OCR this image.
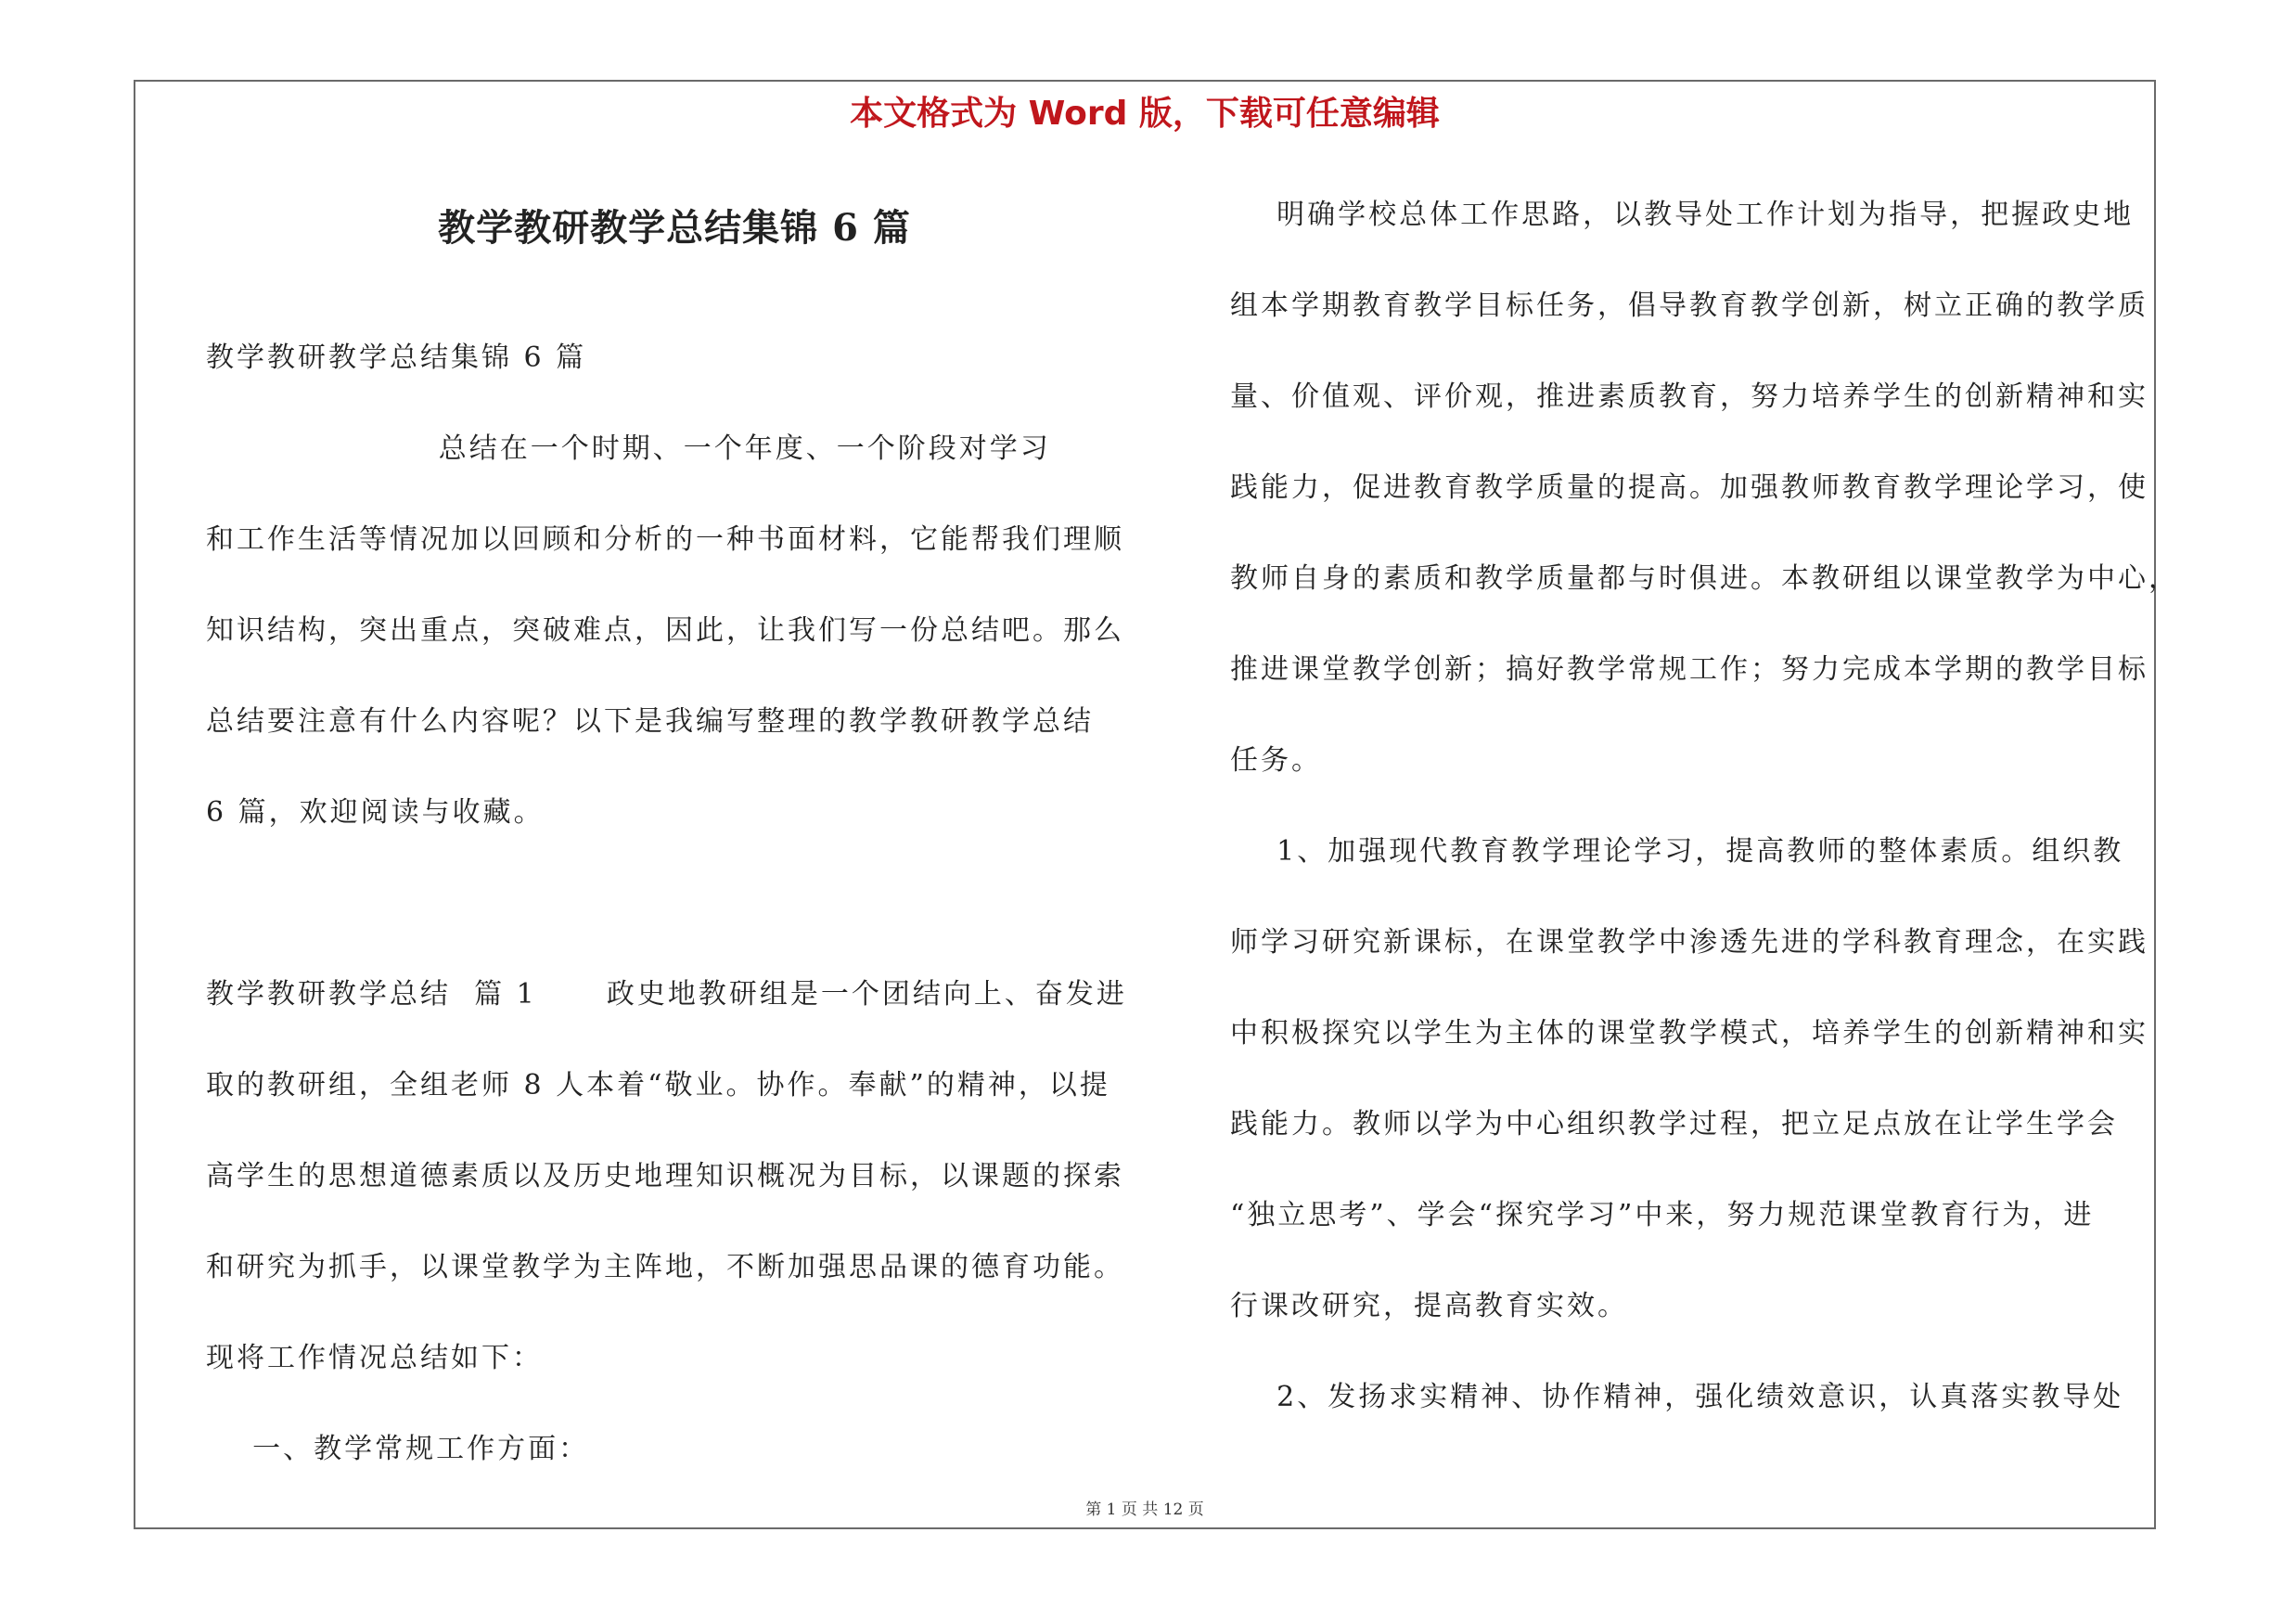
本文格式为 Word 版，下载可任意编辑
教学教研教学总结集锦 6 篇
教学教研教学总结集锦 6 篇
总结在一个时期、一个年度、一个阶段对学习
和工作生活等情况加以回顾和分析的一种书面材料，它能帮我们理顺
知识结构，突出重点，突破难点，因此，让我们写一份总结吧。那么
总结要注意有什么内容呢？以下是我编写整理的教学教研教学总结
6 篇，欢迎阅读与收藏。
教学教研教学总结  篇 1      政史地教研组是一个团结向上、奋发进
取的教研组，全组老师 8 人本着“敬业。协作。奉献”的精神，以提
高学生的思想道德素质以及历史地理知识概况为目标，以课题的探索
和研究为抓手，以课堂教学为主阵地，不断加强思品课的德育功能。
现将工作情况总结如下：
一、教学常规工作方面：
明确学校总体工作思路，以教导处工作计划为指导，把握政史地
组本学期教育教学目标任务，倡导教育教学创新，树立正确的教学质
量、价值观、评价观，推进素质教育，努力培养学生的创新精神和实
践能力，促进教育教学质量的提高。加强教师教育教学理论学习，使
教师自身的素质和教学质量都与时俱进。本教研组以课堂教学为中心，
推进课堂教学创新；搞好教学常规工作；努力完成本学期的教学目标
任务。
1、加强现代教育教学理论学习，提高教师的整体素质。组织教
师学习研究新课标，在课堂教学中渗透先进的学科教育理念，在实践
中积极探究以学生为主体的课堂教学模式，培养学生的创新精神和实
践能力。教师以学为中心组织教学过程，把立足点放在让学生学会
“独立思考”、学会“探究学习”中来，努力规范课堂教育行为，进
行课改研究，提高教育实效。
2、发扬求实精神、协作精神，强化绩效意识，认真落实教导处
第 1 页 共 12 页
